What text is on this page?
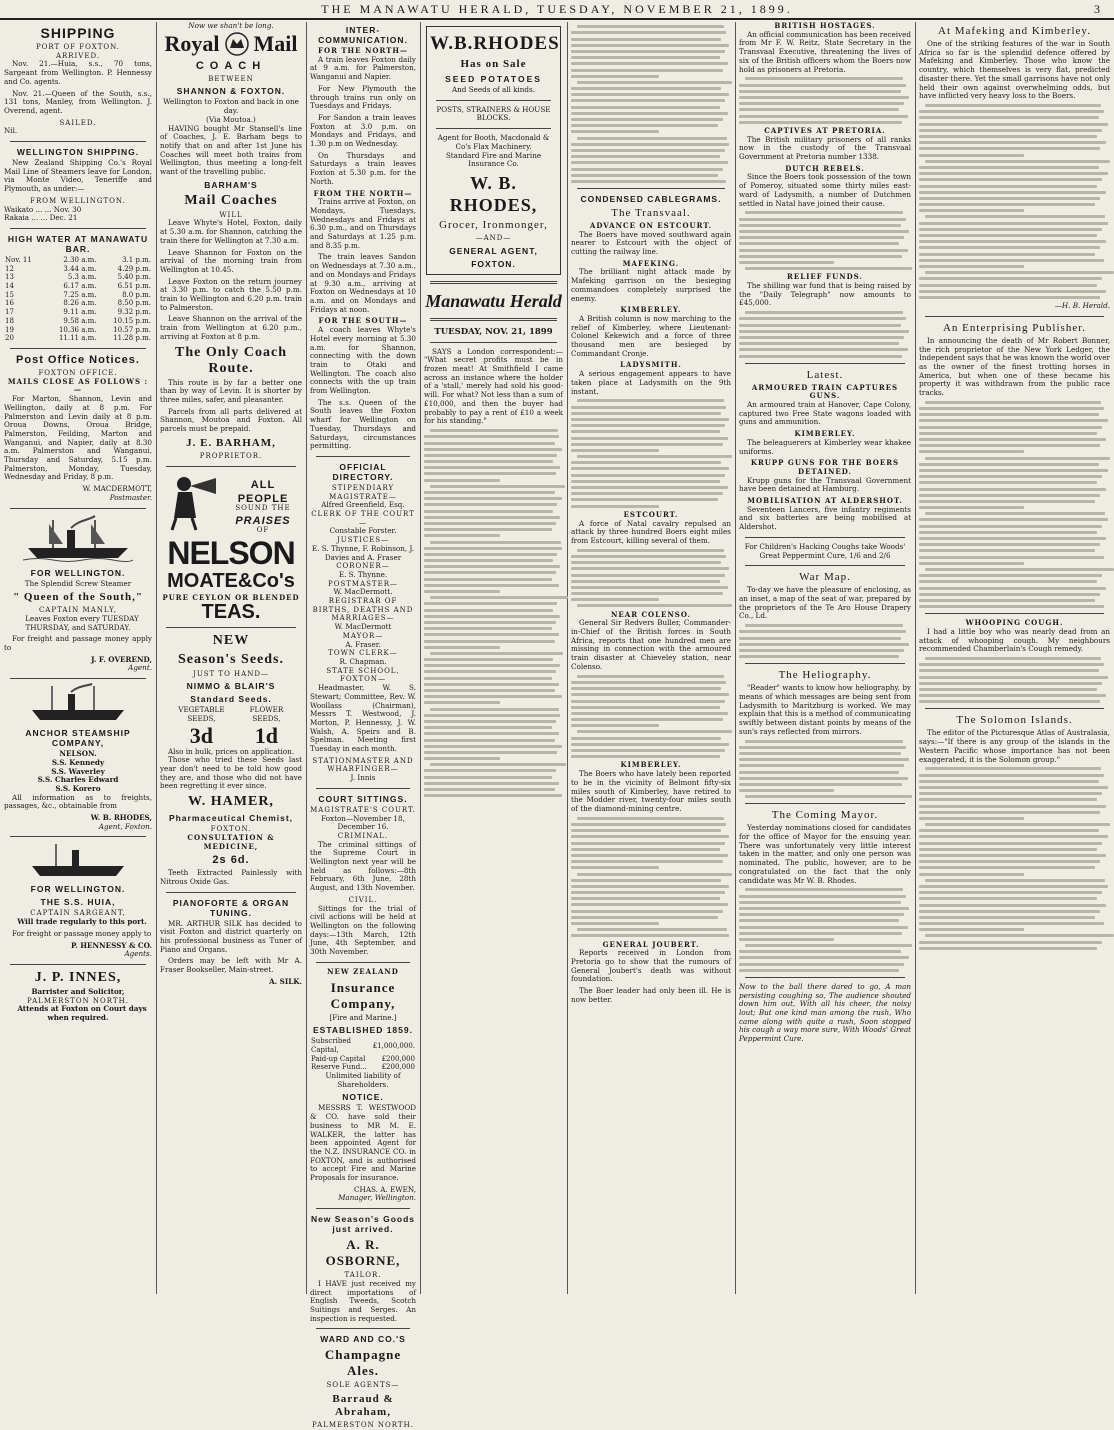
THE MANAWATU HERALD, TUESDAY, NOVEMBER 21, 1899.	3
SHIPPING
PORT OF FOXTON.
ARRIVED.

Nov. 21.—Huia, s.s., 70 tons, Sargeant from Wellington. P. Hennessy and Co. agents.

Nov. 21.—Queen of the South, s.s., 131 tons, Manley, from Wellington. J. Overend, agent.

SAILED.
Nil.
WELLINGTON SHIPPING.

New Zealand Shipping Co.'s Royal Mail Line of Steamers leave for London, via Monte Video, Teneriffe and Plymouth, as under:—

FROM WELLINGTON.
Waikato ... ... Nov. 30
Rakaia ... ... Dec. 21
HIGH WATER AT MANAWATU BAR.
Nov. 11	2.30 a.m.	3.1 p.m.
12	3.44 a.m.	4.29 p.m.
13	5.3 a.m.	5.40 p.m.
14	6.17 a.m.	6.51 p.m.
15	7.25 a.m.	8.0 p.m.
16	8.26 a.m.	8.50 p.m.
17	9.11 a.m.	9.32 p.m.
18	9.58 a.m.	10.15 p.m.
19	10.36 a.m.	10.57 p.m.
20	11.11 a.m.	11.28 p.m.
Post Office Notices.
FOXTON OFFICE.
MAILS CLOSE AS FOLLOWS :—

For Marton, Shannon, Levin and Wellington, daily at 8 p.m. For Palmerston and Levin daily at 8 p.m. Oroua Downs, Oroua Bridge, Palmerston, Feilding, Marton and Wanganui, and Napier, daily at 8.30 a.m. Palmerston and Wanganui, Thursday and Saturday, 5.15 p.m. Palmerston, Monday, Tuesday, Wednesday and Friday, 8 p.m.

W. MACDERMOTT,
Postmaster.
FOR WELLINGTON.
The Splendid Screw Steamer
" Queen of the South,"
CAPTAIN MANLY,

Leaves Foxton every TUESDAY THURSDAY, and SATURDAY.

For freight and passage money apply to

J. F. OVEREND,
Agent.
ANCHOR STEAMSHIP COMPANY,
NELSON.
S.S. Kennedy
S.S. Waverley
S.S. Charles Edward
S.S. Korero

All information as to freights, passages, &c., obtainable from

W. B. RHODES,
Agent, Foxton.
FOR WELLINGTON.
THE S.S. HUIA,
CAPTAIN SARGEANT,

Will trade regularly to this port.

For freight or passage money apply to

P. HENNESSY & CO.
Agents.
J. P. INNES,
Barrister and Solicitor,
PALMERSTON NORTH.

Attends at Foxton on Court days when required.

Now we shan't be long.
Royal Mail
COACH
BETWEEN
SHANNON & FOXTON.
Wellington to Foxton and back in one day.
(Via Moutoa.)

HAVING bought Mr Stansell's line of Coaches, J. E. Barham begs to notify that on and after 1st June his Coaches will meet both trains from Wellington, thus meeting a long-felt want of the travelling public.

BARHAM'S
Mail Coaches
WILL

Leave Whyte's Hotel, Foxton, daily at 5.30 a.m. for Shannon, catching the train there for Wellington at 7.30 a.m.

Leave Shannon for Foxton on the arrival of the morning train from Wellington at 10.45.

Leave Foxton on the return journey at 3.30 p.m. to catch the 5.50 p.m. train to Wellington and 6.20 p.m. train to Palmerston.

Leave Shannon on the arrival of the train from Wellington at 6.20 p.m., arriving at Foxton at 8 p.m.

The Only Coach Route.

This route is by far a better one than by way of Levin. It is shorter by three miles, safer, and pleasanter.

Parcels from all parts delivered at Shannon, Moutoa and Foxton. All parcels must be prepaid.

J. E. BARHAM,
PROPRIETOR.
ALL
PEOPLE
SOUND THE
PRAISES
OF
NELSON
MOATE&Co's
PURE CEYLON OR BLENDED
TEAS.
NEW
Season's Seeds.
JUST TO HAND—
NIMMO & BLAIR'S
Standard Seeds.
VEGETABLE SEEDS,
3d
FLOWER SEEDS,
1d
Also in bulk, prices on application.

Those who tried these Seeds last year don't need to be told how good they are, and those who did not have been regretting it ever since.

W. HAMER,
Pharmaceutical Chemist,
FOXTON.
CONSULTATION & MEDICINE,
2s 6d.

Teeth Extracted Painlessly with Nitrous Oxide Gas.

PIANOFORTE & ORGAN TUNING.

MR. ARTHUR SILK has decided to visit Foxton and district quarterly on his professional business as Tuner of Piano and Organs.

Orders may be left with Mr A. Fraser Bookseller, Main-street.

A. SILK.
INTER-COMMUNICATION.
FOR THE NORTH—

A train leaves Foxton daily at 9 a.m. for Palmerston, Wanganui and Napier.

For New Plymouth the through trains run only on Tuesdays and Fridays.

For Sandon a train leaves Foxton at 3.0 p.m. on Mondays and Fridays, and 1.30 p.m on Wednesday.

On Thursdays and Saturdays a train leaves Foxton at 5.30 p.m. for the North.

FROM THE NORTH—

Trains arrive at Foxton, on Mondays, Tuesdays, Wednesdays and Fridays at 6.30 p.m., and on Thursdays and Saturdays at 1.25 p.m. and 8.35 p.m.

The train leaves Sandon on Wednesdays at 7.30 a.m., and on Mondays and Fridays at 9.30 a.m., arriving at Foxton on Wednesdays at 10 a.m. and on Mondays and Fridays at noon.

FOR THE SOUTH—

A coach leaves Whyte's Hotel every morning at 5.30 a.m. for Shannon, connecting with the down train to Otaki and Wellington. The coach also connects with the up train from Wellington.

The s.s. Queen of the South leaves the Foxton wharf for Wellington on Tuesday, Thursdays and Saturdays, circumstances permitting.

OFFICIAL DIRECTORY.
STIPENDIARY MAGISTRATE—
Alfred Greenfield, Esq.
CLERK OF THE COURT—
Constable Forster.
JUSTICES—
E. S. Thynne, F. Robinson, J. Davies and A. Fraser
CORONER—
E. S. Thynne.
POSTMASTER—
W. MacDermott.
REGISTRAR OF BIRTHS, DEATHS AND MARRIAGES—
W. MacDermott
MAYOR—
A. Fraser.
TOWN CLERK—
R. Chapman.
STATE SCHOOL, FOXTON—

Headmaster, W. S. Stewart; Committee, Rev. W. Woollass (Chairman), Messrs T. Westwood, J. Morton, P. Hennessy, J. W. Walsh, A. Speirs and B. Spelman. Meeting first Tuesday in each month.

STATIONMASTER AND WHARFINGER—
J. Innis
COURT SITTINGS.
MAGISTRATE'S COURT.
Foxton—November 18, December 16.
CRIMINAL.

The criminal sittings of the Supreme Court in Wellington next year will be held as follows:—8th February, 6th June, 28th August, and 13th November.

CIVIL.

Sittings for the trial of civil actions will be held at Wellington on the following days:—13th March, 12th June, 4th September, and 30th November.

NEW ZEALAND
Insurance Company,
[Fire and Marine.]
ESTABLISHED 1859.
Subscribed Capital,	£1,000,000.
Paid-up Capital	£200,000
Reserve Fund...	£200,000
Unlimited liability of Shareholders.
NOTICE.

MESSRS T. WESTWOOD & CO. have sold their business to MR M. E. WALKER, the latter has been appointed Agent for the N.Z. INSURANCE CO. in FOXTON, and is authorised to accept Fire and Marine Proposals for insurance.

CHAS. A. EWEN,
Manager, Wellington.
New Season's Goods just arrived.
A. R. OSBORNE,
TAILOR.

I HAVE just received my direct importations of English Tweeds, Scotch Suitings and Serges. An inspection is requested.

WARD AND CO.'S
Champagne Ales.
SOLE AGENTS—
Barraud & Abraham,
PALMERSTON NORTH.
W.B.RHODES
Has on Sale
SEED POTATOES
And Seeds of all kinds.
POSTS, STRAINERS & HOUSE BLOCKS.
Agent for Booth, Macdonald & Co's Flax Machinery.
Standard Fire and Marine Insurance Co.
W. B. RHODES,
Grocer, Ironmonger,
—AND—
GENERAL AGENT,
FOXTON.
Manawatu Herald
TUESDAY, NOV. 21, 1899

SAYS a London correspondent:— "What secret profits must be in frozen meat! At Smithfield I came across an instance where the holder of a 'stall,' merely had sold his good-will. For what? Not less than a sum of £10,000, and then the buyer had probably to pay a rent of £10 a week for his standing."

CONDENSED CABLEGRAMS.
The Transvaal.
ADVANCE ON ESTCOURT.

The Boers have moved southward again nearer to Estcourt with the object of cutting the railway line.

MAFEKING.

The brilliant night attack made by Mafeking garrison on the besieging commandoes completely surprised the enemy.

KIMBERLEY.

A British column is now marching to the relief of Kimberley, where Lieutenant-Colonel Kekewich and a force of three thousand men are besieged by Commandant Cronje.

LADYSMITH.

A serious engagement appears to have taken place at Ladysmith on the 9th instant.

ESTCOURT.

A force of Natal cavalry repulsed an attack by three hundred Boers eight miles from Estcourt, killing several of them.

NEAR COLENSO.

General Sir Redvers Buller, Commander-in-Chief of the British forces in South Africa, reports that one hundred men are missing in connection with the armoured train disaster at Chieveley station, near Colenso.

KIMBERLEY.

The Boers who have lately been reported to be in the vicinity of Belmont fifty-six miles south of Kimberley, have retired to the Modder river, twenty-four miles south of the diamond-mining centre.

GENERAL JOUBERT.

Reports received in London from Pretoria go to show that the rumours of General Joubert's death was without foundation.

The Boer leader had only been ill. He is now better.

BRITISH HOSTAGES.

An official communication has been received from Mr F. W. Reitz, State Secretary in the Transvaal Executive, threatening the lives of six of the British officers whom the Boers now hold as prisoners at Pretoria.

CAPTIVES AT PRETORIA.

The British military prisoners of all ranks now in the custody of the Transvaal Government at Pretoria number 1338.

DUTCH REBELS.

Since the Boers took possession of the town of Pomeroy, situated some thirty miles east-ward of Ladysmith, a number of Dutchmen settled in Natal have joined their cause.

RELIEF FUNDS.

The shilling war fund that is being raised by the "Daily Telegraph" now amounts to £45,000.

Latest.
ARMOURED TRAIN CAPTURES GUNS.

An armoured train at Hanover, Cape Colony, captured two Free State wagons loaded with guns and ammunition.

KIMBERLEY.

The beleaguerers at Kimberley wear khakee uniforms.

KRUPP GUNS FOR THE BOERS DETAINED.

Krupp guns for the Transvaal Government have been detained at Hamburg.

MOBILISATION AT ALDERSHOT.

Seventeen Lancers, five infantry regiments and six batteries are being mobilised at Aldershot.

For Children's Hacking Coughs take Woods' Great Peppermint Cure, 1/6 and 2/6
War Map.

To-day we have the pleasure of enclosing, as an inset, a map of the seat of war, prepared by the proprietors of the Te Aro House Drapery Co., Ld.

The Heliography.

"Reader" wants to know how heliography, by means of which messages are being sent from Ladysmith to Maritzburg is worked. We may explain that this is a method of communicating swiftly between distant points by means of the sun's rays reflected from mirrors.

The Coming Mayor.

Yesterday nominations closed for candidates for the office of Mayor for the ensuing year. There was unfortunately very little interest taken in the matter, and only one person was nominated. The public, however, are to be congratulated on the fact that the only candidate was Mr W. B. Rhodes.

Now to the ball there dared to go, A man persisting coughing so, The audience shouted down him out, With all his cheer, the noisy lout; But one kind man among the rush, Who came along with quite a rush, Soon stopped his cough a way more sure, With Woods' Great Peppermint Cure.

At Mafeking and Kimberley.

One of the striking features of the war in South Africa so far is the splendid defence offered by Mafeking and Kimberley. Those who know the country, which themselves is very flat, predicted disaster there. Yet the small garrisons have not only held their own against overwhelming odds, but have inflicted very heavy loss to the Boers.

—H. B. Herald.
An Enterprising Publisher.

In announcing the death of Mr Robert Bonner, the rich proprietor of the New York Ledger, the Independent says that he was known the world over as the owner of the finest trotting horses in America, but when one of these became his property it was withdrawn from the public race tracks.

WHOOPING COUGH.

I had a little boy who was nearly dead from an attack of whooping cough. My neighbours recommended Chamberlain's Cough remedy.

The Solomon Islands.

The editor of the Picturesque Atlas of Australasia, says:—"If there is any group of the islands in the Western Pacific whose importance has not been exaggerated, it is the Solomon group."
